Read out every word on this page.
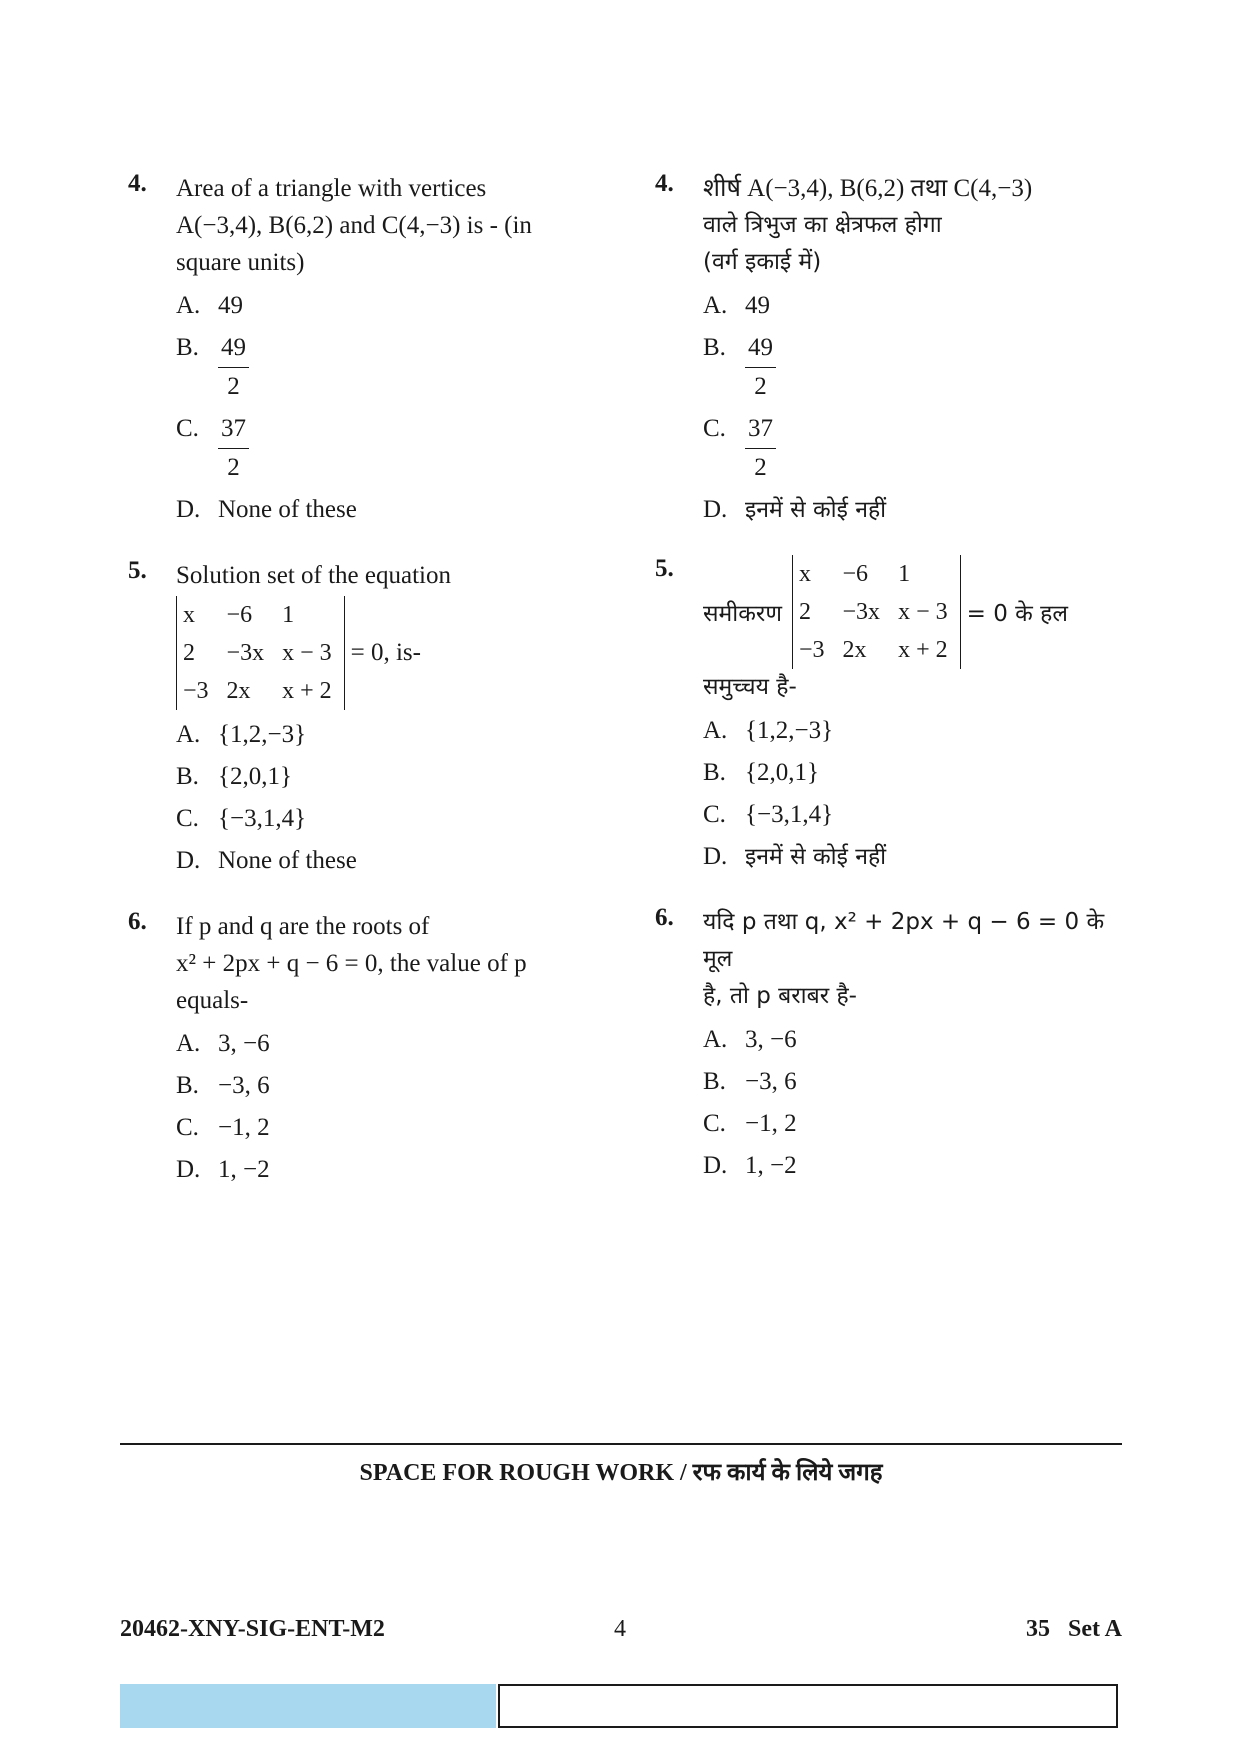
4. Area of a triangle with vertices
A(−3,4), B(6,2) and C(4,−3) is - (in
square units)
A. 49
B. $\frac{49}{2}$
C. $\frac{37}{2}$
D. None of these
5. Solution set of the equation
x	−6	1
2	−3x	x − 3
−3	2x	x + 2
= 0, is-
A. {1,2,−3}
B. {2,0,1}
C. {−3,1,4}
D. None of these
6. If p and q are the roots of
x² + 2px + q − 6 = 0, the value of p
equals-
A. 3, −6
B. −3, 6
C. −1, 2
D. 1, −2
4. शीर्ष A(−3,4), B(6,2) तथा C(4,−3)
वाले त्रिभुज का क्षेत्रफल होगा
(वर्ग इकाई में)
A. 49
B. $\frac{49}{2}$
C. $\frac{37}{2}$
D. इनमें से कोई नहीं
5.
समीकरण
x	−6	1
2	−3x	x − 3
−3	2x	x + 2
= 0 के हल
समुच्चय है-
A. {1,2,−3}
B. {2,0,1}
C. {−3,1,4}
D. इनमें से कोई नहीं
6. यदि p तथा q, x² + 2px + q − 6 = 0 के मूल
है, तो p बराबर है-
A. 3, −6
B. −3, 6
C. −1, 2
D. 1, −2
SPACE FOR ROUGH WORK / रफ कार्य के लिये जगह
20462-XNY-SIG-ENT-M2	4	35   Set A
